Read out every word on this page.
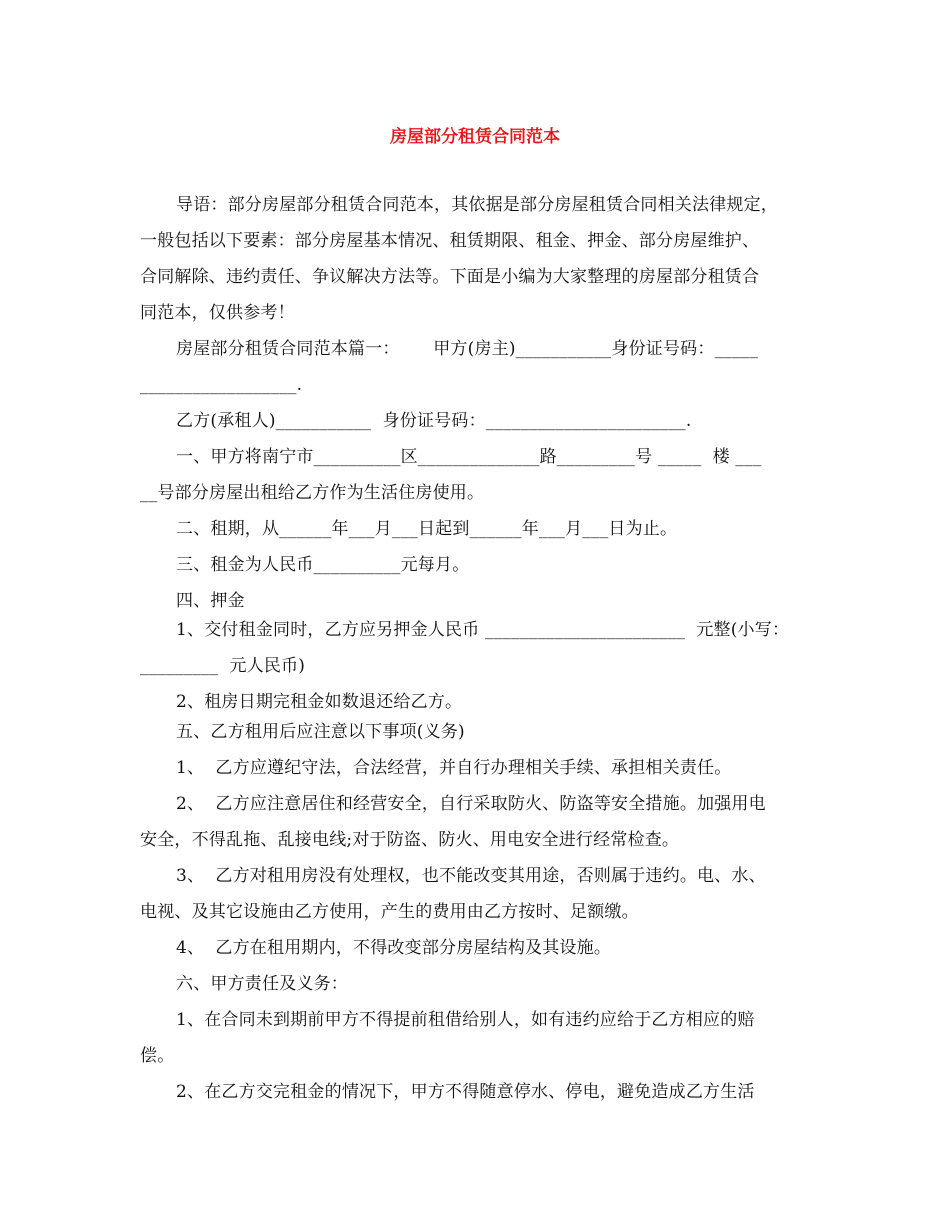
房屋部分租赁合同范本
导语：部分房屋部分租赁合同范本，其依据是部分房屋租赁合同相关法律规定，
一般包括以下要素：部分房屋基本情况、租赁期限、租金、押金、部分房屋维护、
合同解除、违约责任、争议解决方法等。下面是小编为大家整理的房屋部分租赁合
同范本，仅供参考！
房屋部分租赁合同范本篇一：      甲方(房主)___________身份证号码：_____
__________________.
乙方(承租人)___________  身份证号码：_______________________.
一、甲方将南宁市__________区______________路_________号 _____  楼 ___
__号部分房屋出租给乙方作为生活住房使用。
二、租期，从______年___月___日起到______年___月___日为止。
三、租金为人民币__________元每月。
四、押金
1、交付租金同时，乙方应另押金人民币 _______________________  元整(小写：
_________  元人民币)
2、租房日期完租金如数退还给乙方。
五、乙方租用后应注意以下事项(义务)
1、  乙方应遵纪守法，合法经营，并自行办理相关手续、承担相关责任。
2、  乙方应注意居住和经营安全，自行采取防火、防盗等安全措施。加强用电
安全，不得乱拖、乱接电线;对于防盗、防火、用电安全进行经常检查。
3、  乙方对租用房没有处理权，也不能改变其用途，否则属于违约。电、水、
电视、及其它设施由乙方使用，产生的费用由乙方按时、足额缴。
4、  乙方在租用期内，不得改变部分房屋结构及其设施。
六、甲方责任及义务：
1、在合同未到期前甲方不得提前租借给别人，如有违约应给于乙方相应的赔
偿。
2、在乙方交完租金的情况下，甲方不得随意停水、停电，避免造成乙方生活
